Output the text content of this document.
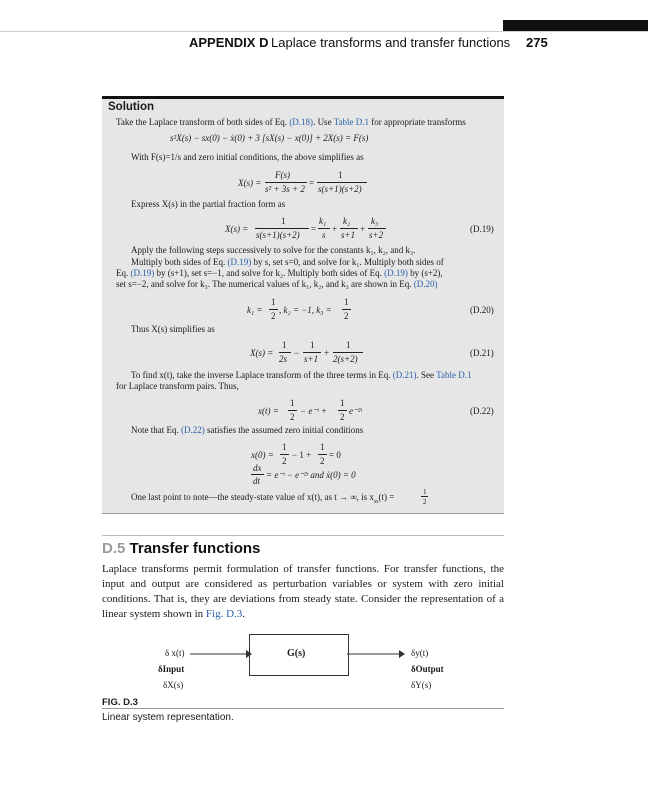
APPENDIX D Laplace transforms and transfer functions 275
Solution
Take the Laplace transform of both sides of Eq. (D.18). Use Table D.1 for appropriate transforms
s²X(s) − sx(0) − ẋ(0) + 3 [sX(s) − x(0)] + 2X(s) = F(s)
With F(s)=1/s and zero initial conditions, the above simplifies as
X(s) =
F(s)
s² + 3s + 2
=
1
s(s+1)(s+2)
Express X(s) in the partial fraction form as
X(s) =
1
s(s+1)(s+2)
=
k₁
s
+
k₂
s+1
+
k₃
s+2
(D.19)
Apply the following steps successively to solve for the constants k₁, k₂, and k₃.
Multiply both sides of Eq. (D.19) by s, set s=0, and solve for k₁. Multiply both sides of
Eq. (D.19) by (s+1), set s=−1, and solve for k₂. Multiply both sides of Eq. (D.19) by (s+2),
set s=−2, and solve for k₃. The numerical values of k₁, k₂, and k₃ are shown in Eq. (D.20)
k₁ =
1
2
, k₂ = −1, k₃ =
1
2
(D.20)
Thus X(s) simplifies as
X(s) =
1
2s
−
1
s+1
+
1
2(s+2)
(D.21)
To find x(t), take the inverse Laplace transform of the three terms in Eq. (D.21). See Table D.1
for Laplace transform pairs. Thus,
x(t) =
1
2
− e⁻ᵗ +
1
2
e⁻²ᵗ	(D.22)
Note that Eq. (D.22) satisfies the assumed zero initial conditions
x(0) =
1
2
− 1 +
1
2
= 0
dx
dt
= e⁻ᵗ − e⁻²ᵗ and ẋ(0) = 0
One last point to note—the steady-state value of x(t), as t → ∞, is $x_{ss}(t)$ =	1
2
D.5 Transfer functions
Laplace transforms permit formulation of transfer functions. For transfer functions, the input and output are considered as perturbation variables or system with zero initial conditions. That is, they are deviations from steady state. Consider the representation of a linear system shown in Fig. D.3.
δ x(t)
δInput
δX(s)
G(s)	δy(t)
δOutput
δY(s)
FIG. D.3
Linear system representation.
